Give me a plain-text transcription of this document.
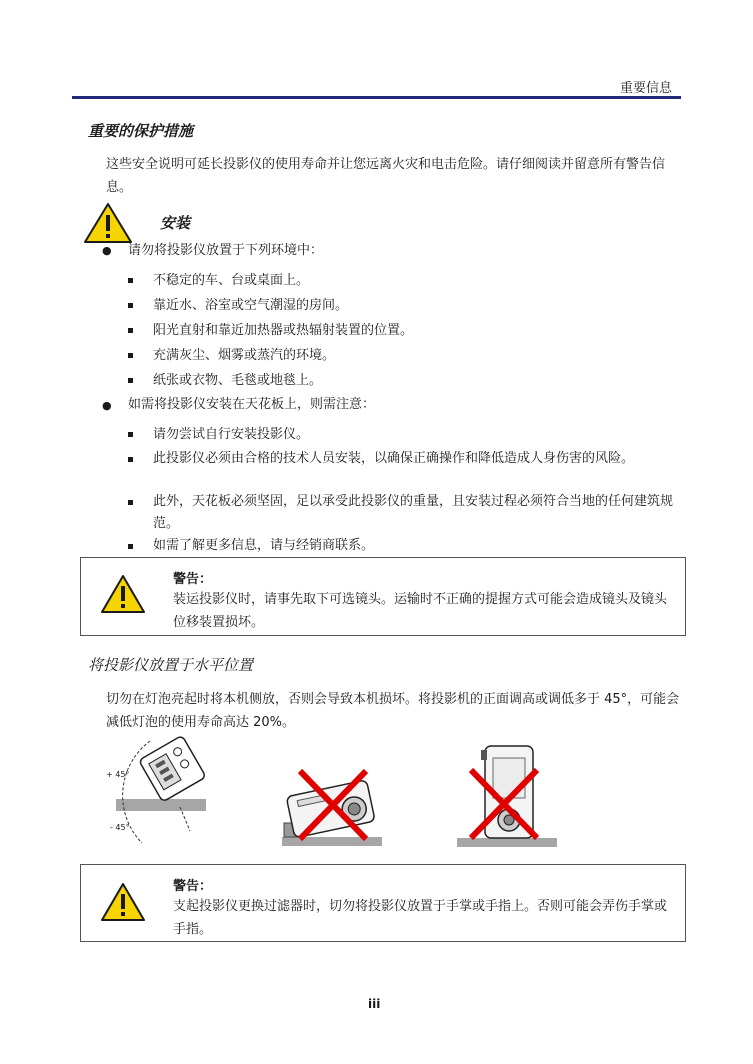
重要信息
重要的保护措施
这些安全说明可延长投影仪的使用寿命并让您远离火灾和电击危险。请仔细阅读并留意所有警告信息。
安装
● 请勿将投影仪放置于下列环境中：
不稳定的车、台或桌面上。
靠近水、浴室或空气潮湿的房间。
阳光直射和靠近加热器或热辐射装置的位置。
充满灰尘、烟雾或蒸汽的环境。
纸张或衣物、毛毯或地毯上。
● 如需将投影仪安装在天花板上，则需注意：
请勿尝试自行安装投影仪。
此投影仪必须由合格的技术人员安装，以确保正确操作和降低造成人身伤害的风险。
此外，天花板必须坚固，足以承受此投影仪的重量，且安装过程必须符合当地的任何建筑规范。
如需了解更多信息，请与经销商联系。
警告：
装运投影仪时，请事先取下可选镜头。运输时不正确的提握方式可能会造成镜头及镜头位移装置损坏。
将投影仪放置于水平位置
切勿在灯泡亮起时将本机侧放，否则会导致本机损坏。将投影机的正面调高或调低多于 45°，可能会减低灯泡的使用寿命高达 20%。
+ 45°
- 45°
警告：
支起投影仪更换过滤器时，切勿将投影仪放置于手掌或手指上。否则可能会弄伤手掌或手指。
iii
